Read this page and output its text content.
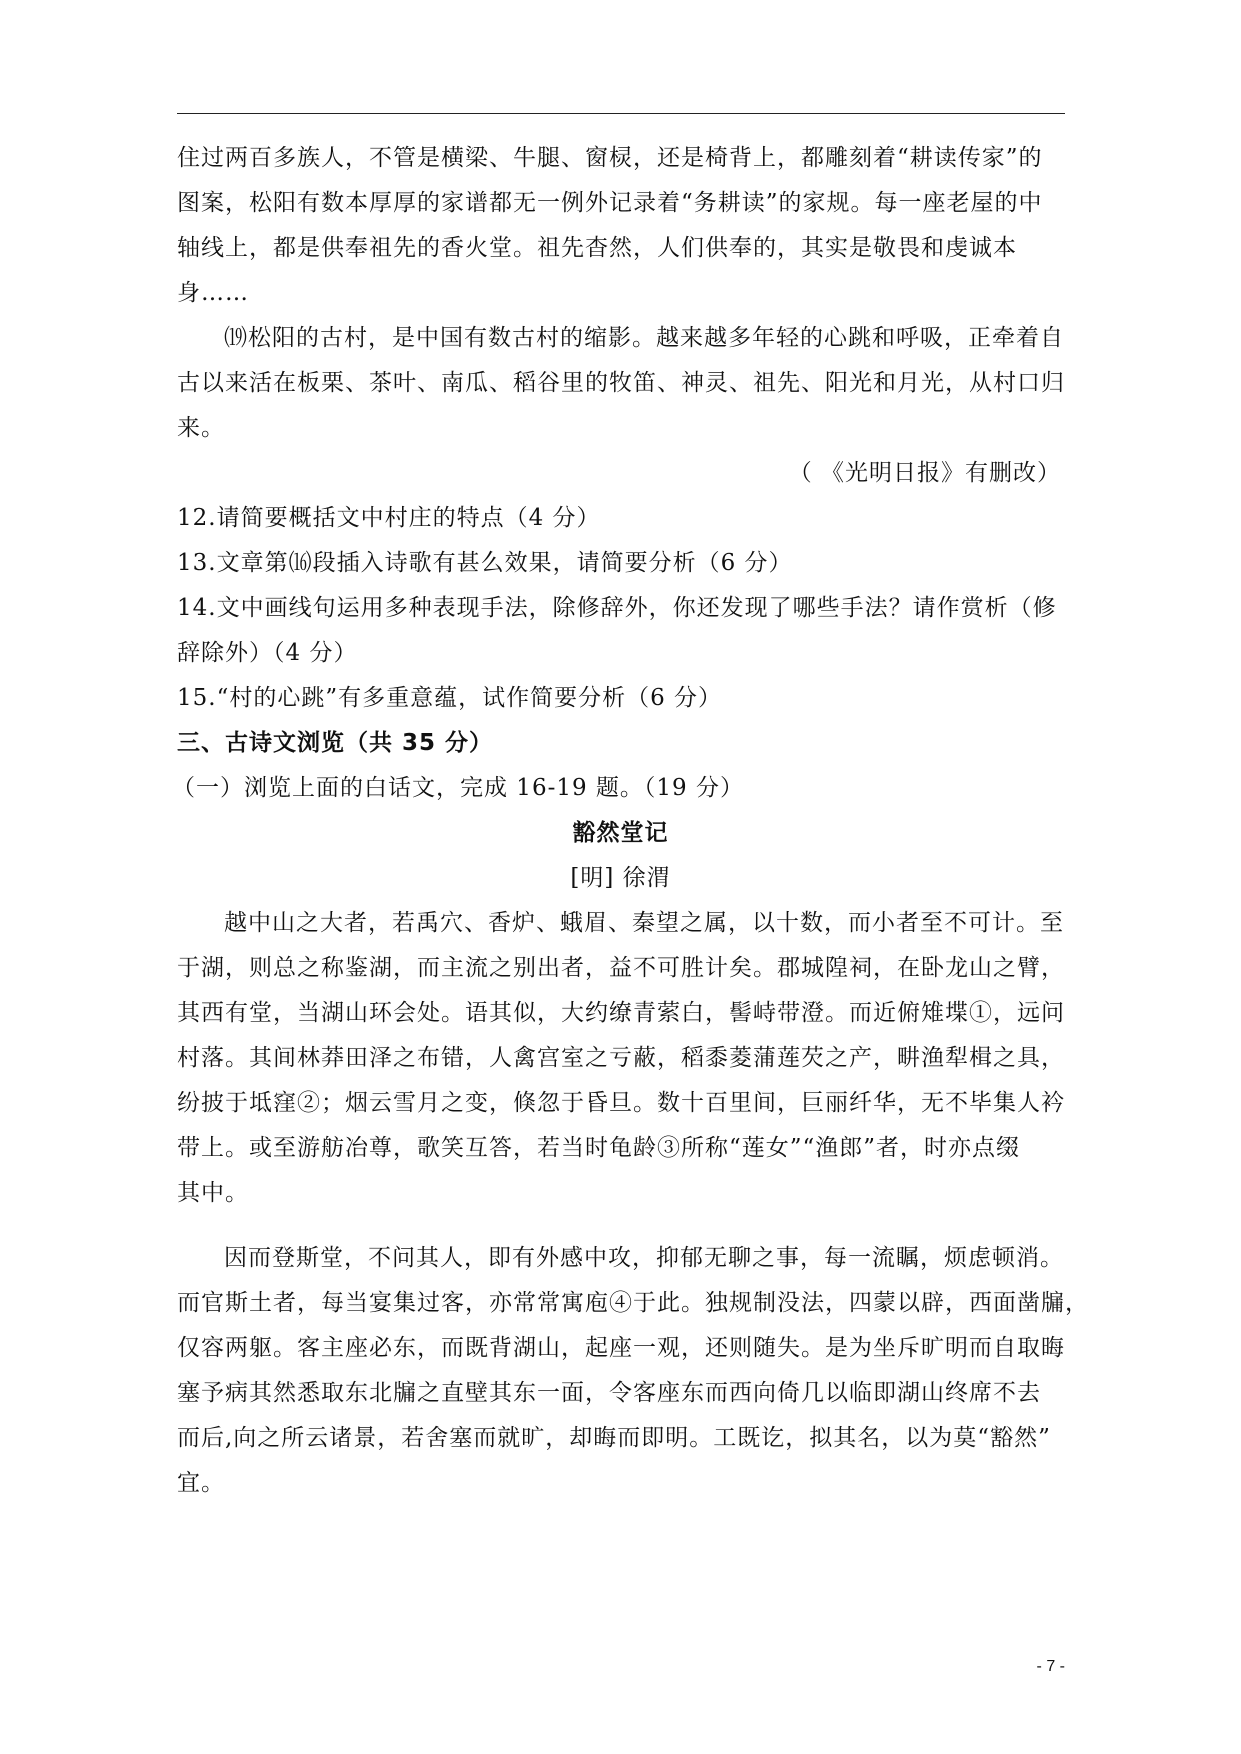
住过两百多族人，不管是横梁、牛腿、窗棂，还是椅背上，都雕刻着“耕读传家”的
图案，松阳有数本厚厚的家谱都无一例外记录着“务耕读”的家规。每一座老屋的中
轴线上，都是供奉祖先的香火堂。祖先杳然，人们供奉的，其实是敬畏和虔诚本
身……
⒆松阳的古村，是中国有数古村的缩影。越来越多年轻的心跳和呼吸，正牵着自
古以来活在板栗、茶叶、南瓜、稻谷里的牧笛、神灵、祖先、阳光和月光，从村口归
来。
（ 《光明日报》有删改）
12.请简要概括文中村庄的特点（4 分）
13.文章第⒃段插入诗歌有甚么效果，请简要分析（6 分）
14.文中画线句运用多种表现手法，除修辞外，你还发现了哪些手法？请作赏析（修
辞除外）（4 分）
15.“村的心跳”有多重意蕴，试作简要分析（6 分）
三、古诗文浏览（共 35 分）
（一）浏览上面的白话文，完成 16-19 题。（19 分）
豁然堂记
[明] 徐渭
越中山之大者，若禹穴、香炉、蛾眉、秦望之属，以十数，而小者至不可计。至
于湖，则总之称鉴湖，而主流之别出者，益不可胜计矣。郡城隍祠，在卧龙山之臂，
其西有堂，当湖山环会处。语其似，大约缭青萦白，髻峙带澄。而近俯雉堞①，远问
村落。其间林莽田泽之布错，人禽宫室之亏蔽，稻黍菱蒲莲芡之产，畊渔犁楫之具，
纷披于坻窪②；烟云雪月之变，倏忽于昏旦。数十百里间，巨丽纤华，无不毕集人衿
带上。或至游舫冶尊，歌笑互答，若当时龟龄③所称“莲女”“渔郎”者，时亦点缀
其中。
因而登斯堂，不问其人，即有外感中攻，抑郁无聊之事，每一流瞩，烦虑顿消。
而官斯土者，每当宴集过客，亦常常寓庖④于此。独规制没法，四蒙以辟，西面凿牖，
仅容两躯。客主座必东，而既背湖山，起座一观，还则随失。是为坐斥旷明而自取晦
塞予病其然悉取东北牖之直壁其东一面，令客座东而西向倚几以临即湖山终席不去
而后,向之所云诸景，若舍塞而就旷，却晦而即明。工既讫，拟其名，以为莫“豁然”
宜。
- 7 -
